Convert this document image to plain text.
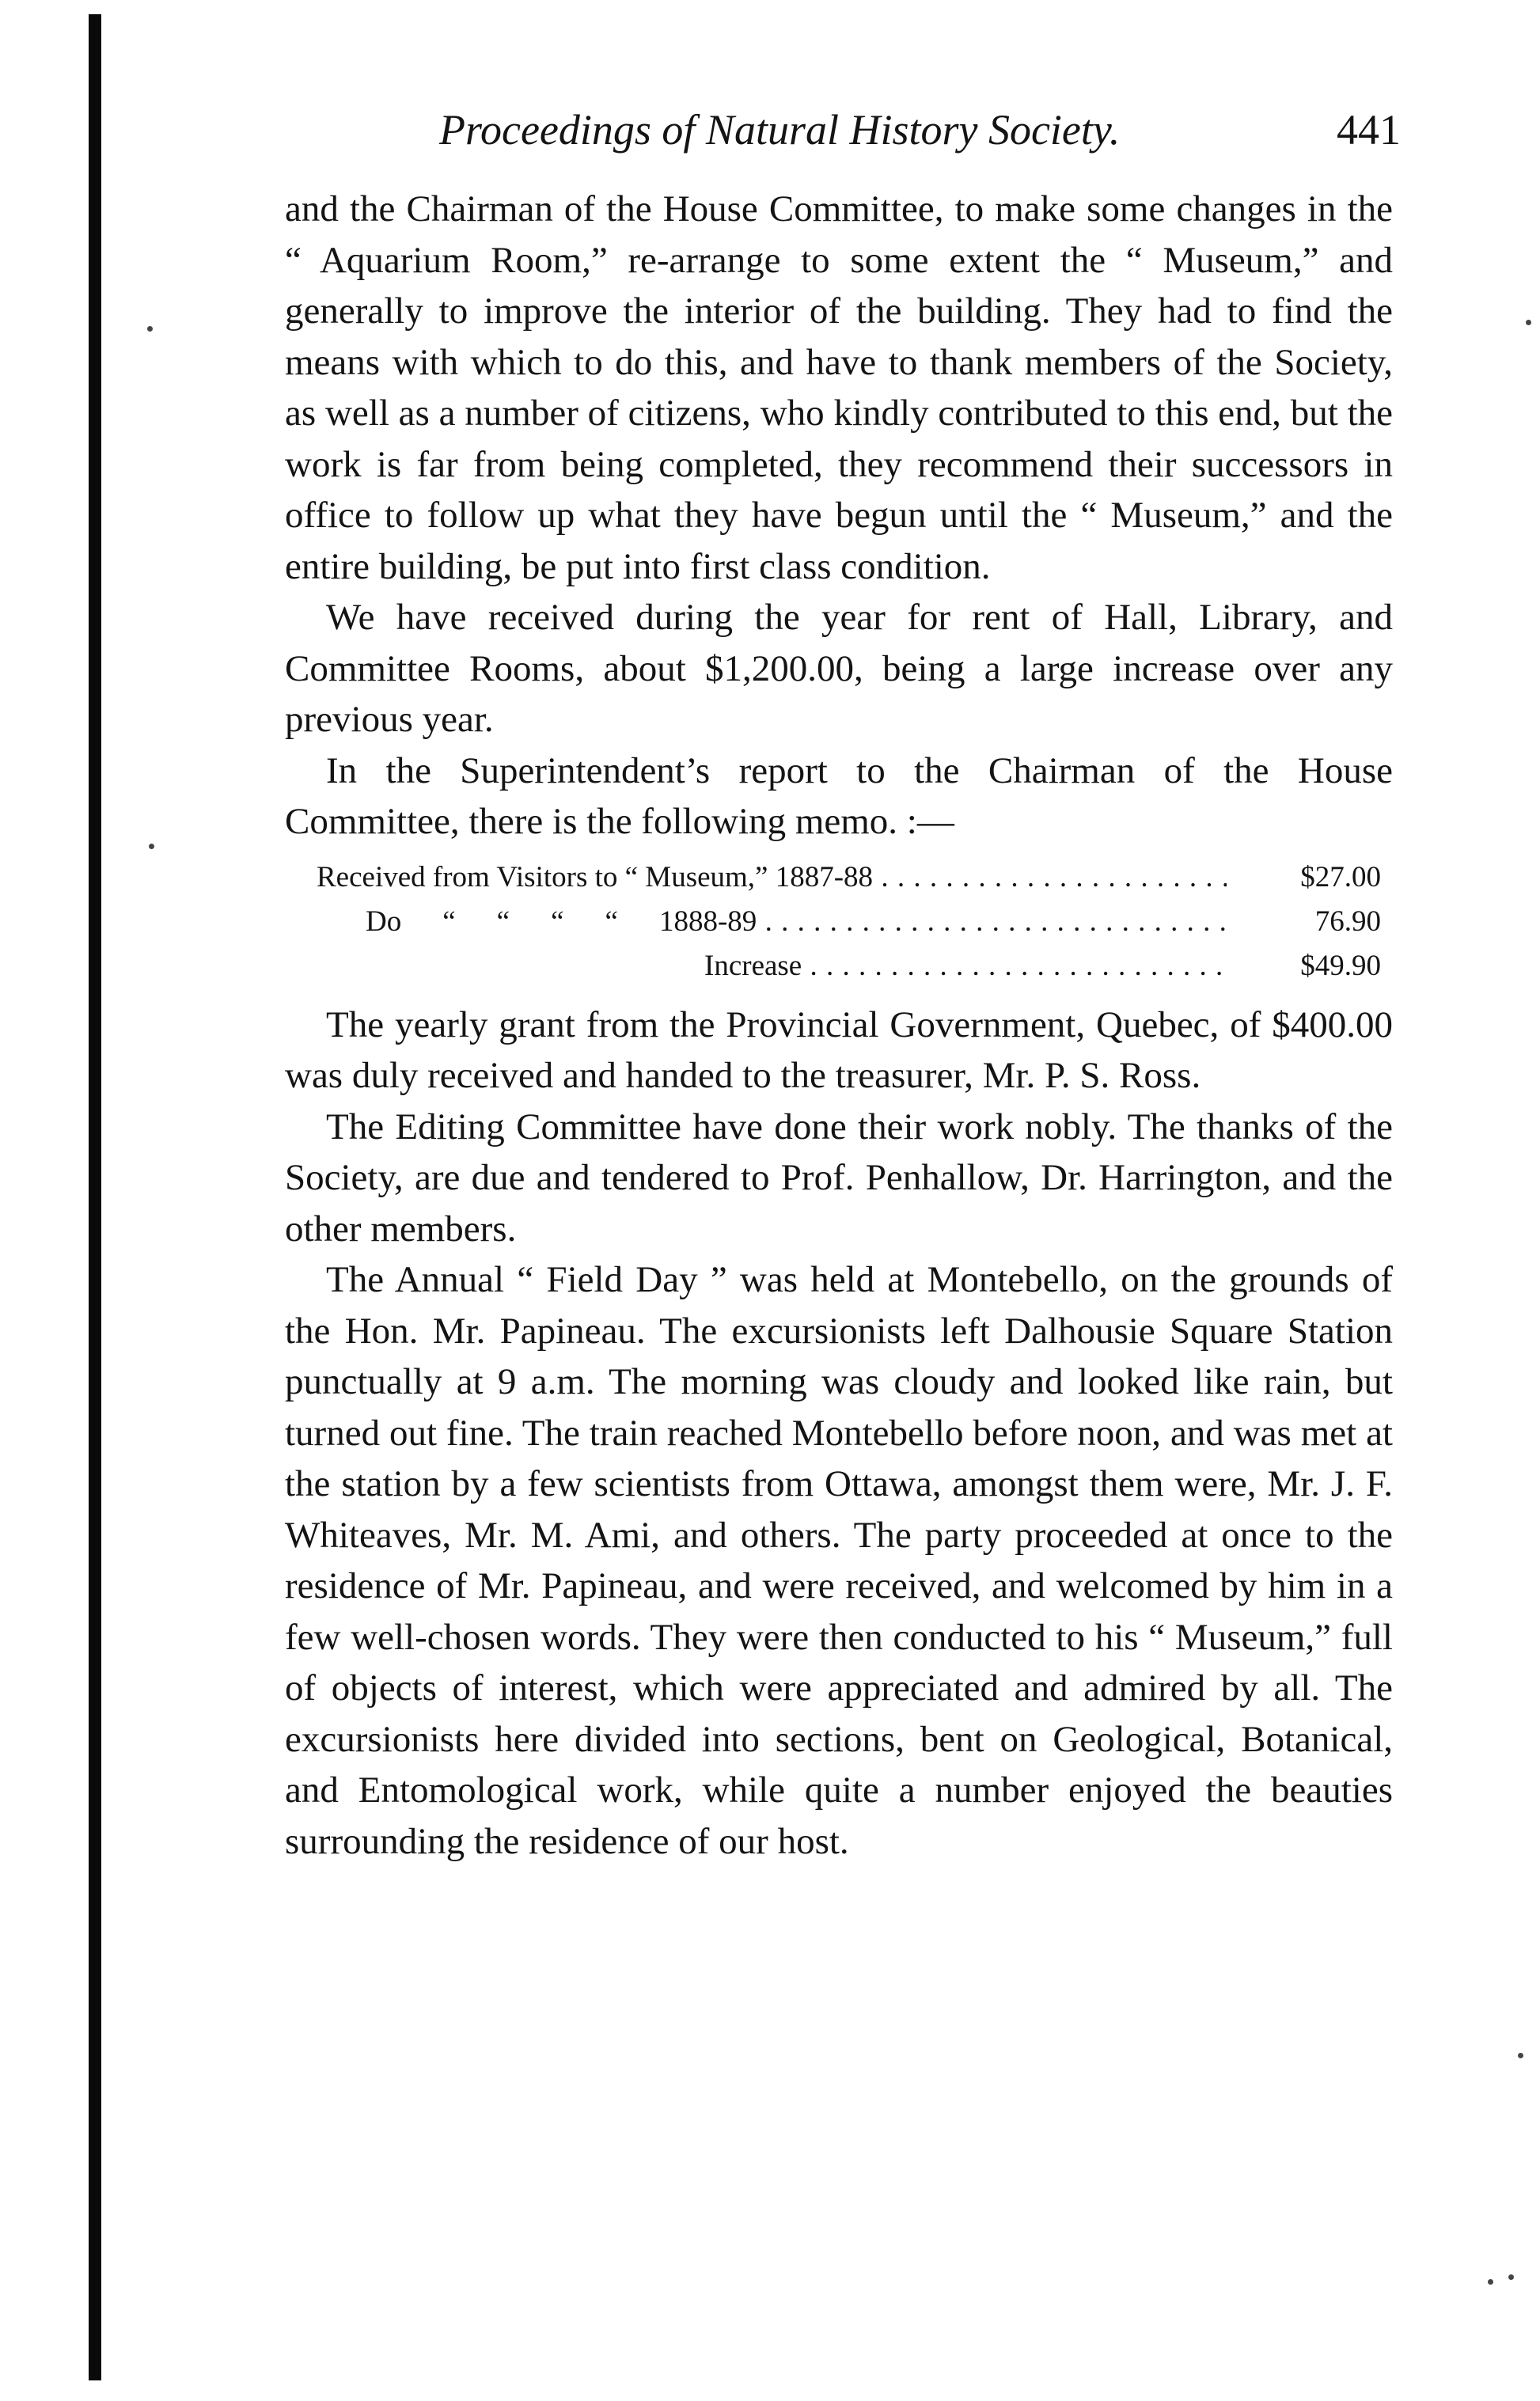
Proceedings of Natural History Society.	441

and the Chairman of the House Committee, to make some changes in the “ Aquarium Room,” re-arrange to some extent the “ Museum,” and generally to improve the interior of the building. They had to find the means with which to do this, and have to thank members of the Society, as well as a number of citizens, who kindly contributed to this end, but the work is far from being completed, they recommend their successors in office to follow up what they have begun until the “ Museum,” and the entire building, be put into first class condition.

We have received during the year for rent of Hall, Library, and Committee Rooms, about $1,200.00, being a large increase over any previous year.

In the Superintendent’s report to the Chairman of the House Committee, there is the following memo. :—

Received from Visitors to “ Museum,” 1887-88 . . .	$27.00
Do “ “ “ “ 1888-89 . . .	76.90
Increase . . .	$49.90

The yearly grant from the Provincial Government, Quebec, of $400.00 was duly received and handed to the treasurer, Mr. P. S. Ross.

The Editing Committee have done their work nobly. The thanks of the Society, are due and tendered to Prof. Penhallow, Dr. Harrington, and the other members.

The Annual “ Field Day ” was held at Montebello, on the grounds of the Hon. Mr. Papineau. The excursionists left Dalhousie Square Station punctually at 9 a.m. The morning was cloudy and looked like rain, but turned out fine. The train reached Montebello before noon, and was met at the station by a few scientists from Ottawa, amongst them were, Mr. J. F. Whiteaves, Mr. M. Ami, and others. The party proceeded at once to the residence of Mr. Papineau, and were received, and welcomed by him in a few well-chosen words. They were then conducted to his “ Museum,” full of objects of interest, which were appreciated and admired by all. The excursionists here divided into sections, bent on Geological, Botanical, and Entomological work, while quite a number enjoyed the beauties surrounding the residence of our host.
